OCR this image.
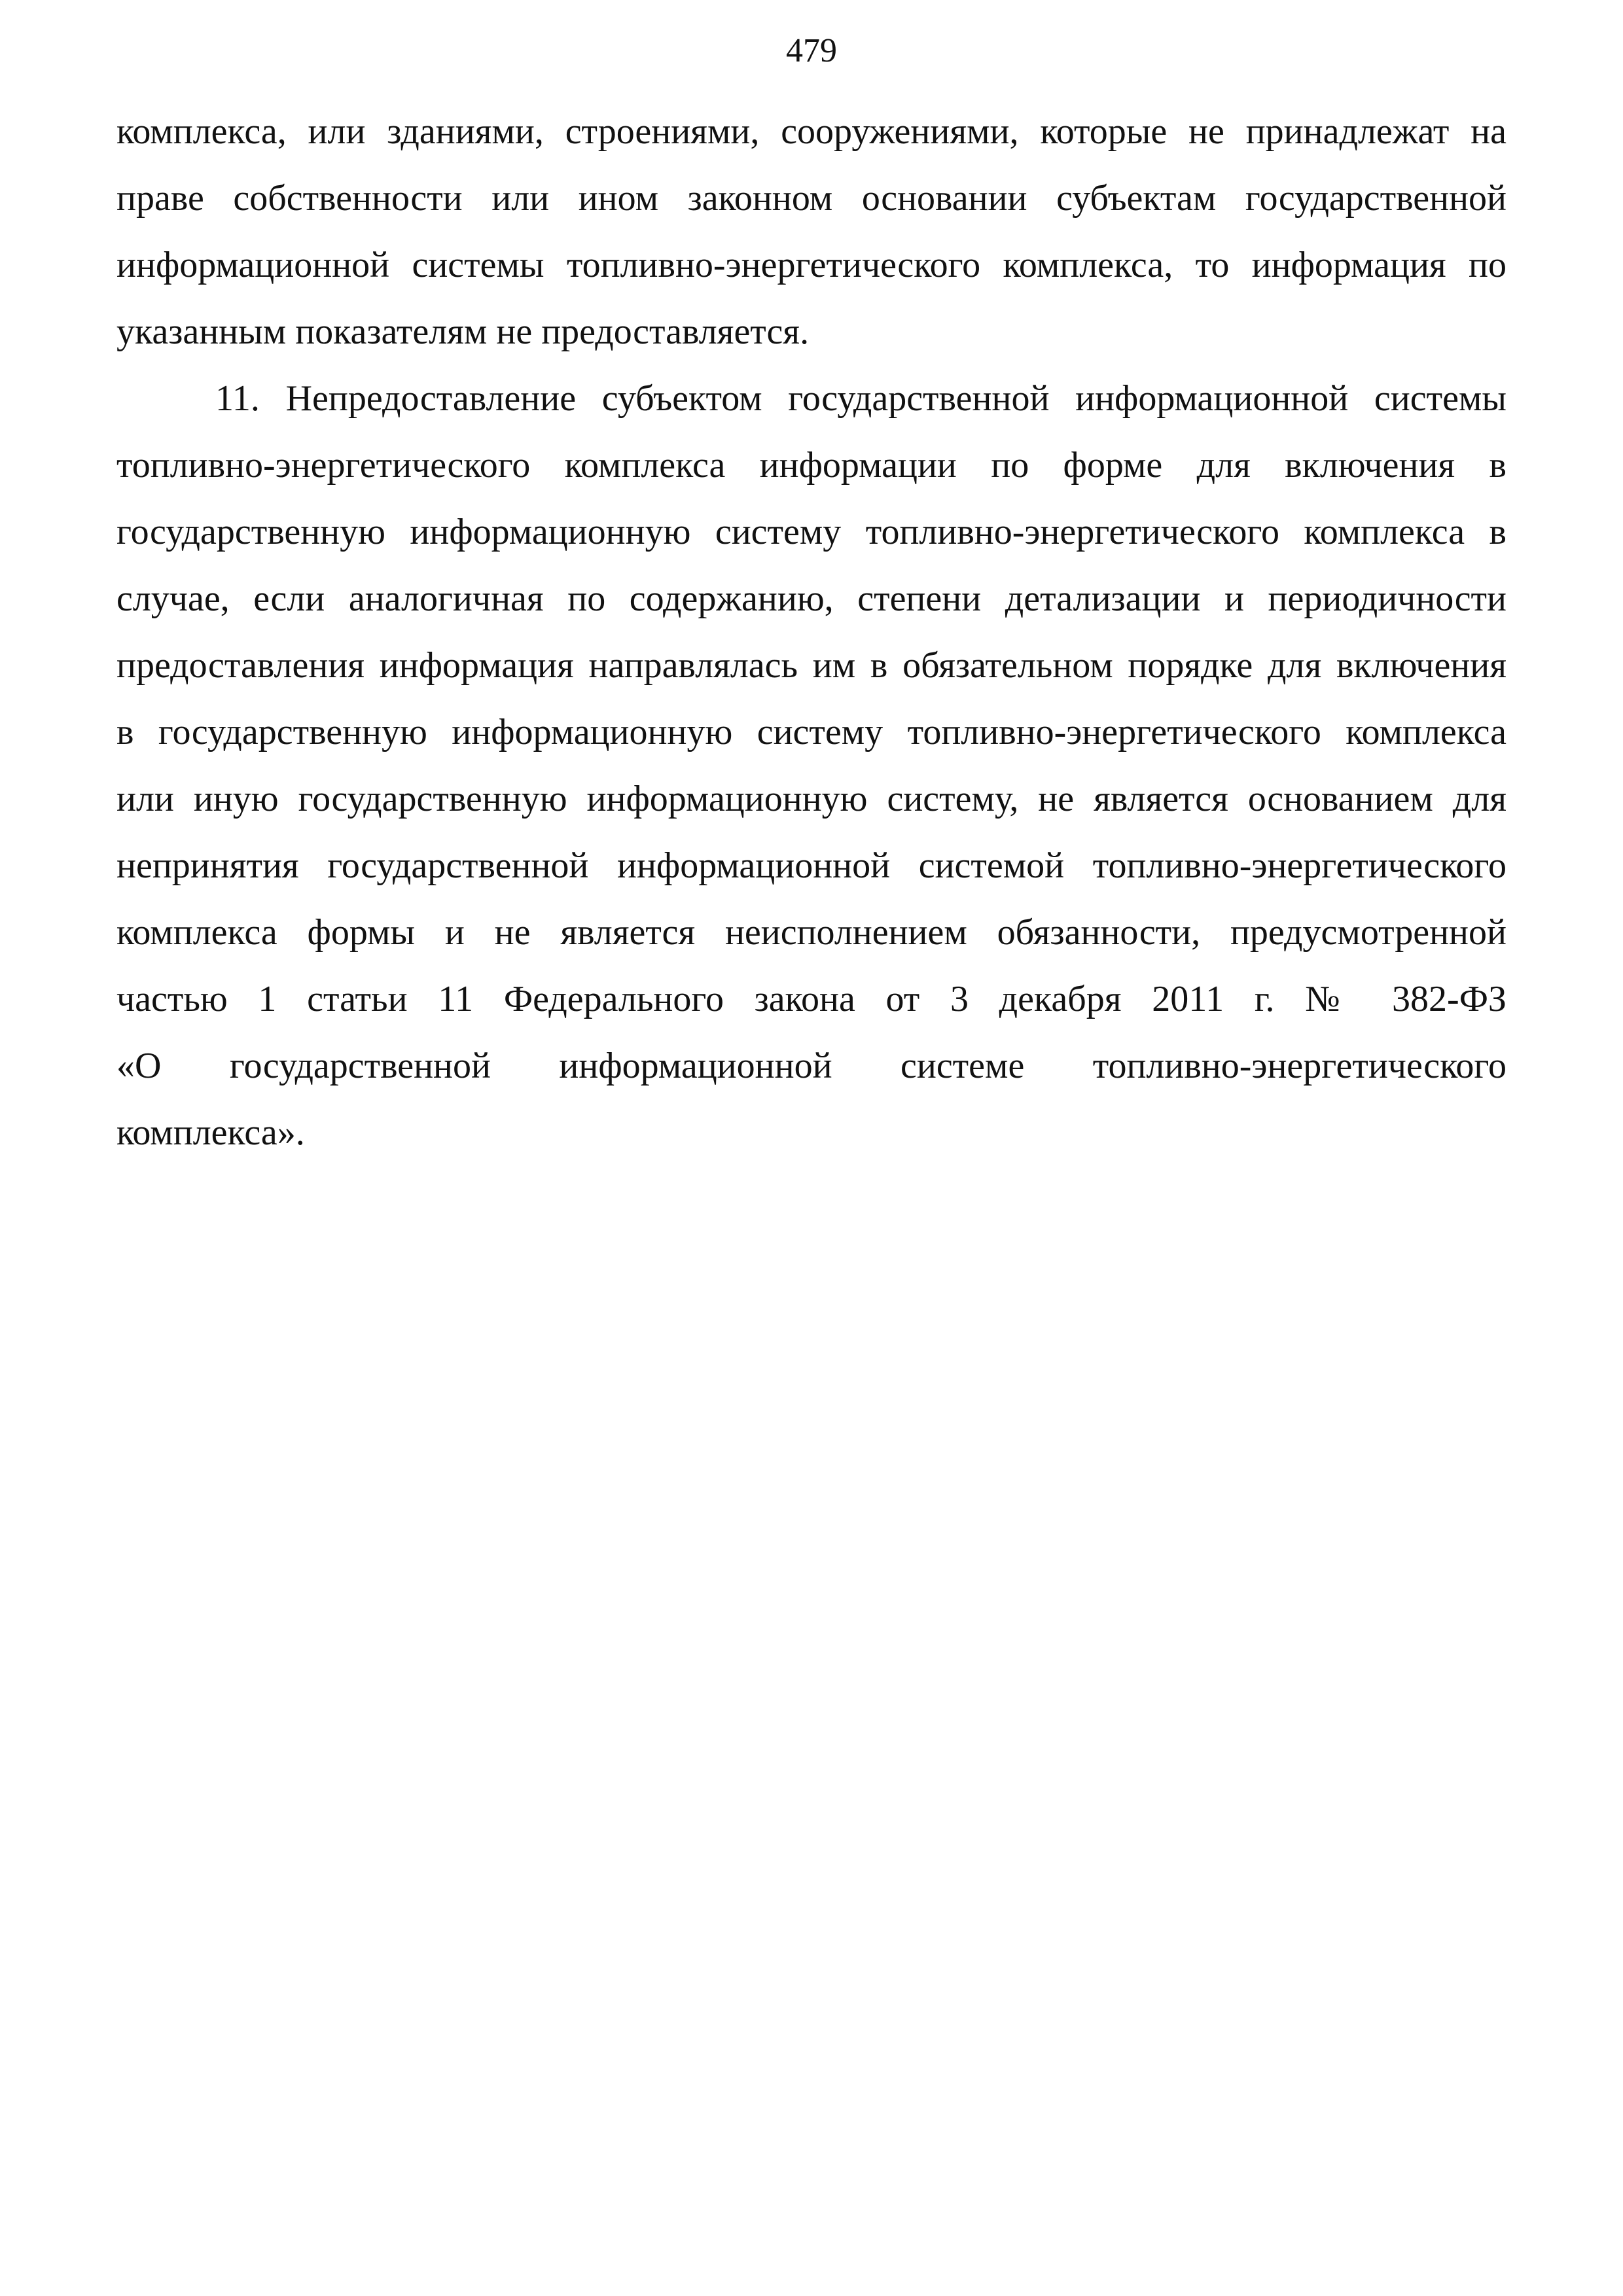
479
комплекса, или зданиями, строениями, сооружениями, которые не принадлежат на
праве собственности или ином законном основании субъектам государственной
информационной системы топливно-энергетического комплекса, то информация по
указанным показателям не предоставляется.
11. Непредоставление субъектом государственной информационной системы
топливно-энергетического комплекса информации по форме для включения в
государственную информационную систему топливно-энергетического комплекса в
случае, если аналогичная по содержанию, степени детализации и периодичности
предоставления информация направлялась им в обязательном порядке для включения
в государственную информационную систему топливно-энергетического комплекса
или иную государственную информационную систему, не является основанием для
непринятия государственной информационной системой топливно-энергетического
комплекса формы и не является неисполнением обязанности, предусмотренной
частью 1 статьи 11 Федерального закона от 3 декабря 2011 г. № 382-ФЗ
«О государственной информационной системе топливно-энергетического
комплекса».
